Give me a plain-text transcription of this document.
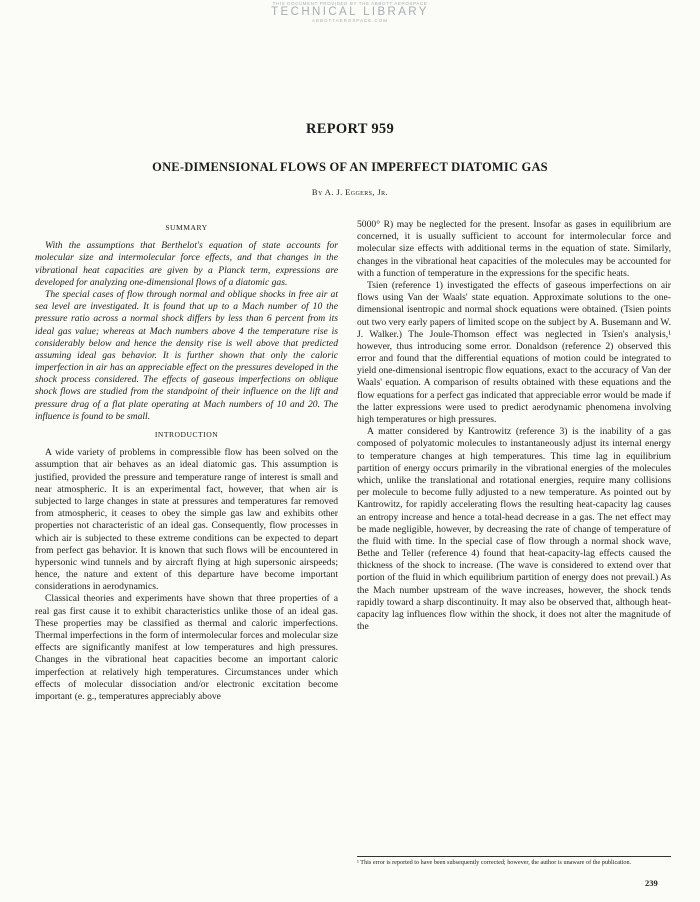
THIS DOCUMENT PROVIDED BY THE ABBOTT AEROSPACE
TECHNICAL LIBRARY
ABBOTTAEROSPACE.COM
REPORT 959
ONE-DIMENSIONAL FLOWS OF AN IMPERFECT DIATOMIC GAS
By A. J. Eggers, Jr.
SUMMARY

With the assumptions that Berthelot's equation of state accounts for molecular size and intermolecular force effects, and that changes in the vibrational heat capacities are given by a Planck term, expressions are developed for analyzing one-dimensional flows of a diatomic gas.

The special cases of flow through normal and oblique shocks in free air at sea level are investigated. It is found that up to a Mach number of 10 the pressure ratio across a normal shock differs by less than 6 percent from its ideal gas value; whereas at Mach numbers above 4 the temperature rise is considerably below and hence the density rise is well above that predicted assuming ideal gas behavior. It is further shown that only the caloric imperfection in air has an appreciable effect on the pressures developed in the shock process considered. The effects of gaseous imperfections on oblique shock flows are studied from the standpoint of their influence on the lift and pressure drag of a flat plate operating at Mach numbers of 10 and 20. The influence is found to be small.

INTRODUCTION

A wide variety of problems in compressible flow has been solved on the assumption that air behaves as an ideal diatomic gas. This assumption is justified, provided the pressure and temperature range of interest is small and near atmospheric. It is an experimental fact, however, that when air is subjected to large changes in state at pressures and temperatures far removed from atmospheric, it ceases to obey the simple gas law and exhibits other properties not characteristic of an ideal gas. Consequently, flow processes in which air is subjected to these extreme conditions can be expected to depart from perfect gas behavior. It is known that such flows will be encountered in hypersonic wind tunnels and by aircraft flying at high supersonic airspeeds; hence, the nature and extent of this departure have become important considerations in aerodynamics.

Classical theories and experiments have shown that three properties of a real gas first cause it to exhibit characteristics unlike those of an ideal gas. These properties may be classified as thermal and caloric imperfections. Thermal imperfections in the form of intermolecular forces and molecular size effects are significantly manifest at low temperatures and high pressures. Changes in the vibrational heat capacities become an important caloric imperfection at relatively high temperatures. Circumstances under which effects of molecular dissociation and/or electronic excitation become important (e. g., temperatures appreciably above

5000° R) may be neglected for the present. Insofar as gases in equilibrium are concerned, it is usually sufficient to account for intermolecular force and molecular size effects with additional terms in the equation of state. Similarly, changes in the vibrational heat capacities of the molecules may be accounted for with a function of temperature in the expressions for the specific heats.

Tsien (reference 1) investigated the effects of gaseous imperfections on air flows using Van der Waals' state equation. Approximate solutions to the one-dimensional isentropic and normal shock equations were obtained. (Tsien points out two very early papers of limited scope on the subject by A. Busemann and W. J. Walker.) The Joule-Thomson effect was neglected in Tsien's analysis,¹ however, thus introducing some error. Donaldson (reference 2) observed this error and found that the differential equations of motion could be integrated to yield one-dimensional isentropic flow equations, exact to the accuracy of Van der Waals' equation. A comparison of results obtained with these equations and the flow equations for a perfect gas indicated that appreciable error would be made if the latter expressions were used to predict aerodynamic phenomena involving high temperatures or high pressures.

A matter considered by Kantrowitz (reference 3) is the inability of a gas composed of polyatomic molecules to instantaneously adjust its internal energy to temperature changes at high temperatures. This time lag in equilibrium partition of energy occurs primarily in the vibrational energies of the molecules which, unlike the translational and rotational energies, require many collisions per molecule to become fully adjusted to a new temperature. As pointed out by Kantrowitz, for rapidly accelerating flows the resulting heat-capacity lag causes an entropy increase and hence a total-head decrease in a gas. The net effect may be made negligible, however, by decreasing the rate of change of temperature of the fluid with time. In the special case of flow through a normal shock wave, Bethe and Teller (reference 4) found that heat-capacity-lag effects caused the thickness of the shock to increase. (The wave is considered to extend over that portion of the fluid in which equilibrium partition of energy does not prevail.) As the Mach number upstream of the wave increases, however, the shock tends rapidly toward a sharp discontinuity. It may also be observed that, although heat-capacity lag influences flow within the shock, it does not alter the magnitude of the

¹ This error is reported to have been subsequently corrected; however, the author is unaware of the publication.
239
